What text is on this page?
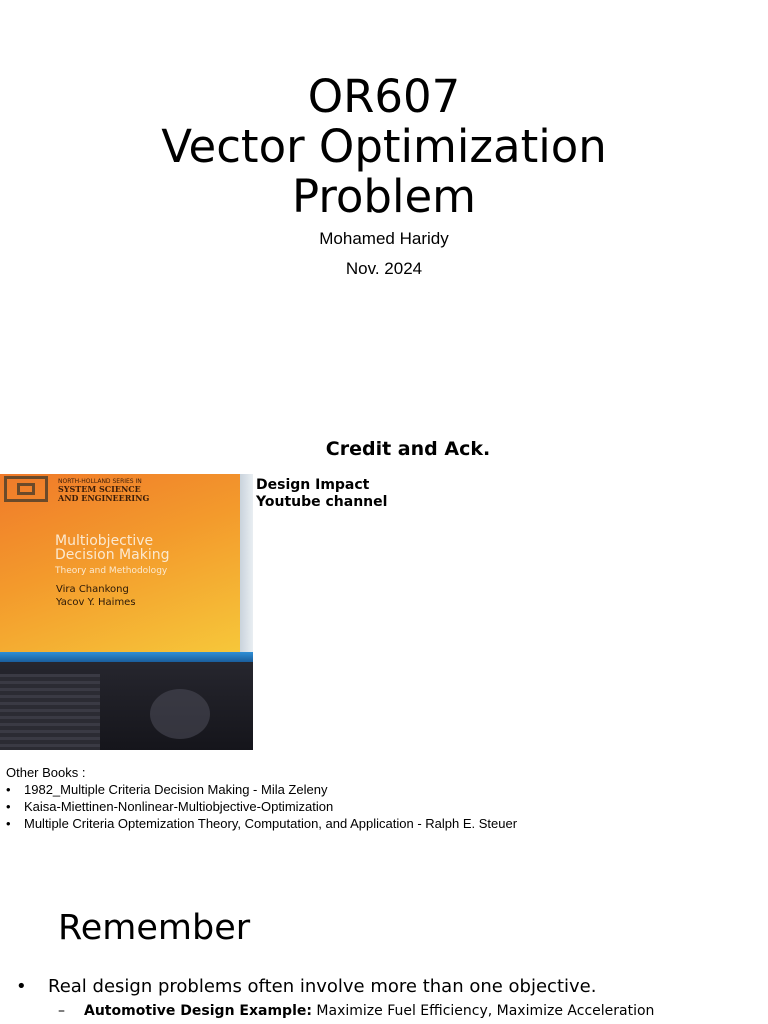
OR607
Vector Optimization
Problem
Mohamed Haridy
Nov. 2024
Credit and Ack.
NORTH-HOLLAND SERIES IN
SYSTEM SCIENCE
AND ENGINEERING
Multiobjective
Decision Making
Theory and Methodology
Vira Chankong
Yacov Y. Haimes
Design Impact
Youtube channel
Other Books :
• 1982_Multiple Criteria Decision Making - Mila Zeleny
• Kaisa-Miettinen-Nonlinear-Multiobjective-Optimization
• Multiple Criteria Optemization Theory, Computation, and Application - Ralph E. Steuer
Remember
• Real design problems often involve more than one objective.
– Automotive Design Example: Maximize Fuel Efficiency, Maximize Acceleration
